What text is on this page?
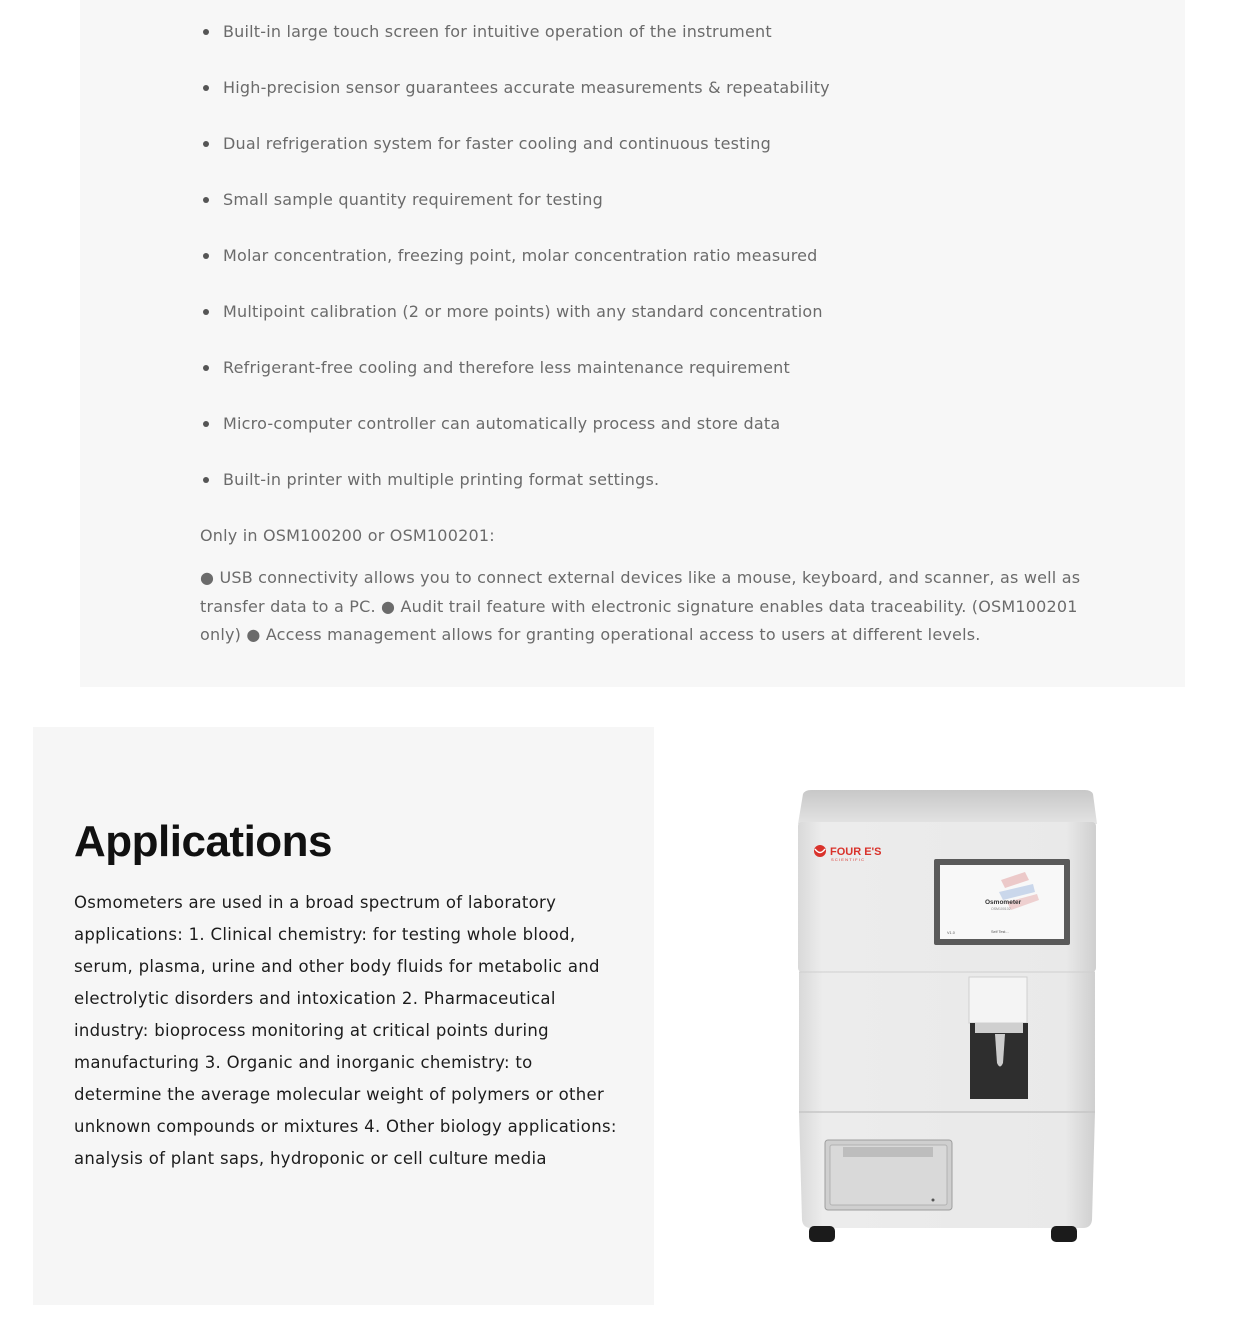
Built-in large touch screen for intuitive operation of the instrument
High-precision sensor guarantees accurate measurements & repeatability
Dual refrigeration system for faster cooling and continuous testing
Small sample quantity requirement for testing
Molar concentration, freezing point, molar concentration ratio measured
Multipoint calibration (2 or more points) with any standard concentration
Refrigerant-free cooling and therefore less maintenance requirement
Micro-computer controller can automatically process and store data
Built-in printer with multiple printing format settings.
Only in OSM100200 or OSM100201:

● USB connectivity allows you to connect external devices like a mouse, keyboard, and scanner, as well as transfer data to a PC. ● Audit trail feature with electronic signature enables data traceability. (OSM100201 only) ● Access management allows for granting operational access to users at different levels.

Applications

Osmometers are used in a broad spectrum of laboratory applications: 1. Clinical chemistry: for testing whole blood, serum, plasma, urine and other body fluids for metabolic and electrolytic disorders and intoxication 2. Pharmaceutical industry: bioprocess monitoring at critical points during manufacturing 3. Organic and inorganic chemistry: to determine the average molecular weight of polymers or other unknown compounds or mixtures 4. Other biology applications: analysis of plant saps, hydroponic or cell culture media

FOUR E'S
SCIENTIFIC
Osmometer
OSM100102
V1.0	Self Test...
